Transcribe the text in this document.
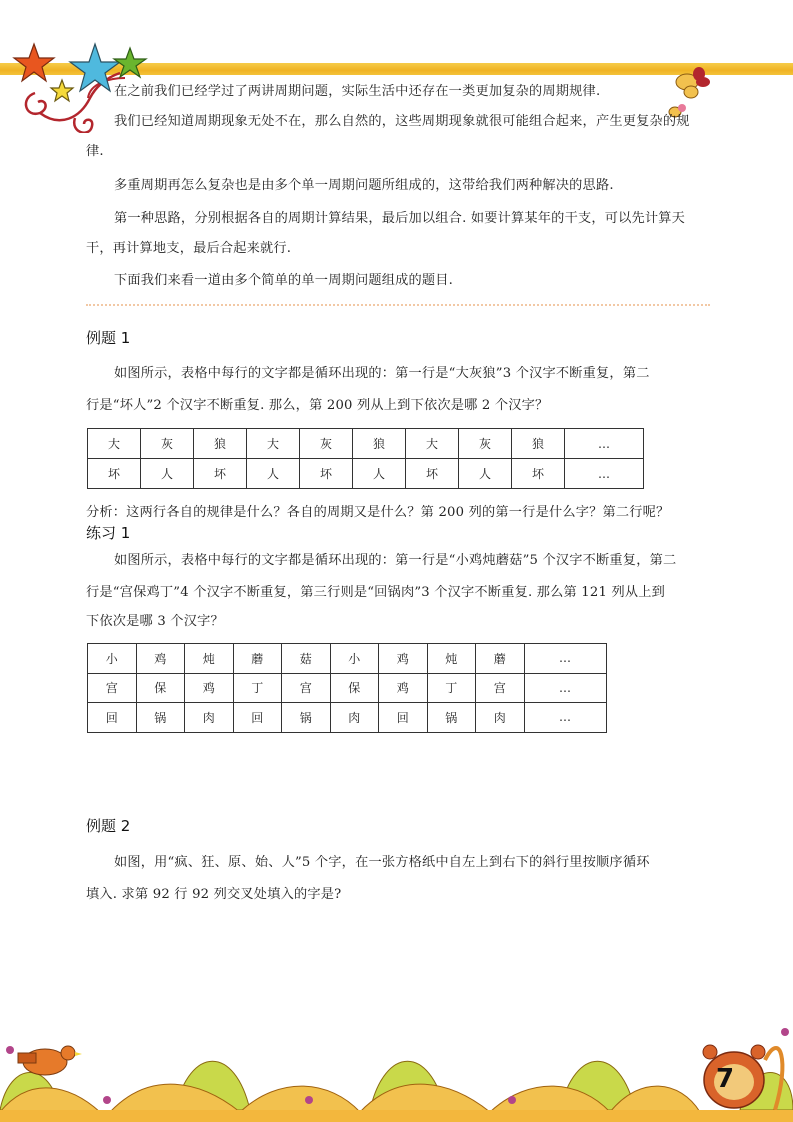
在之前我们已经学过了两讲周期问题，实际生活中还存在一类更加复杂的周期规律.
我们已经知道周期现象无处不在，那么自然的，这些周期现象就很可能组合起来，产生更复杂的规
律.
多重周期再怎么复杂也是由多个单一周期问题所组成的，这带给我们两种解决的思路.
第一种思路，分别根据各自的周期计算结果，最后加以组合. 如要计算某年的干支，可以先计算天
干，再计算地支，最后合起来就行.
下面我们来看一道由多个简单的单一周期问题组成的题目.
例题 1
如图所示，表格中每行的文字都是循环出现的：第一行是“大灰狼”3 个汉字不断重复，第二
行是“坏人”2 个汉字不断重复. 那么，第 200 列从上到下依次是哪 2 个汉字？
大	灰	狼	大	灰	狼	大	灰	狼	…
坏	人	坏	人	坏	人	坏	人	坏	…
分析：这两行各自的规律是什么？各自的周期又是什么？第 200 列的第一行是什么字？第二行呢？
练习 1
如图所示，表格中每行的文字都是循环出现的：第一行是“小鸡炖蘑菇”5 个汉字不断重复，第二
行是“宫保鸡丁”4 个汉字不断重复，第三行则是“回锅肉”3 个汉字不断重复. 那么第 121 列从上到
下依次是哪 3 个汉字？
小	鸡	炖	蘑	菇	小	鸡	炖	蘑	…
宫	保	鸡	丁	宫	保	鸡	丁	宫	…
回	锅	肉	回	锅	肉	回	锅	肉	…
例题 2
如图，用“疯、狂、原、始、人”5 个字，在一张方格纸中自左上到右下的斜行里按顺序循环
填入. 求第 92 行 92 列交叉处填入的字是?
7
